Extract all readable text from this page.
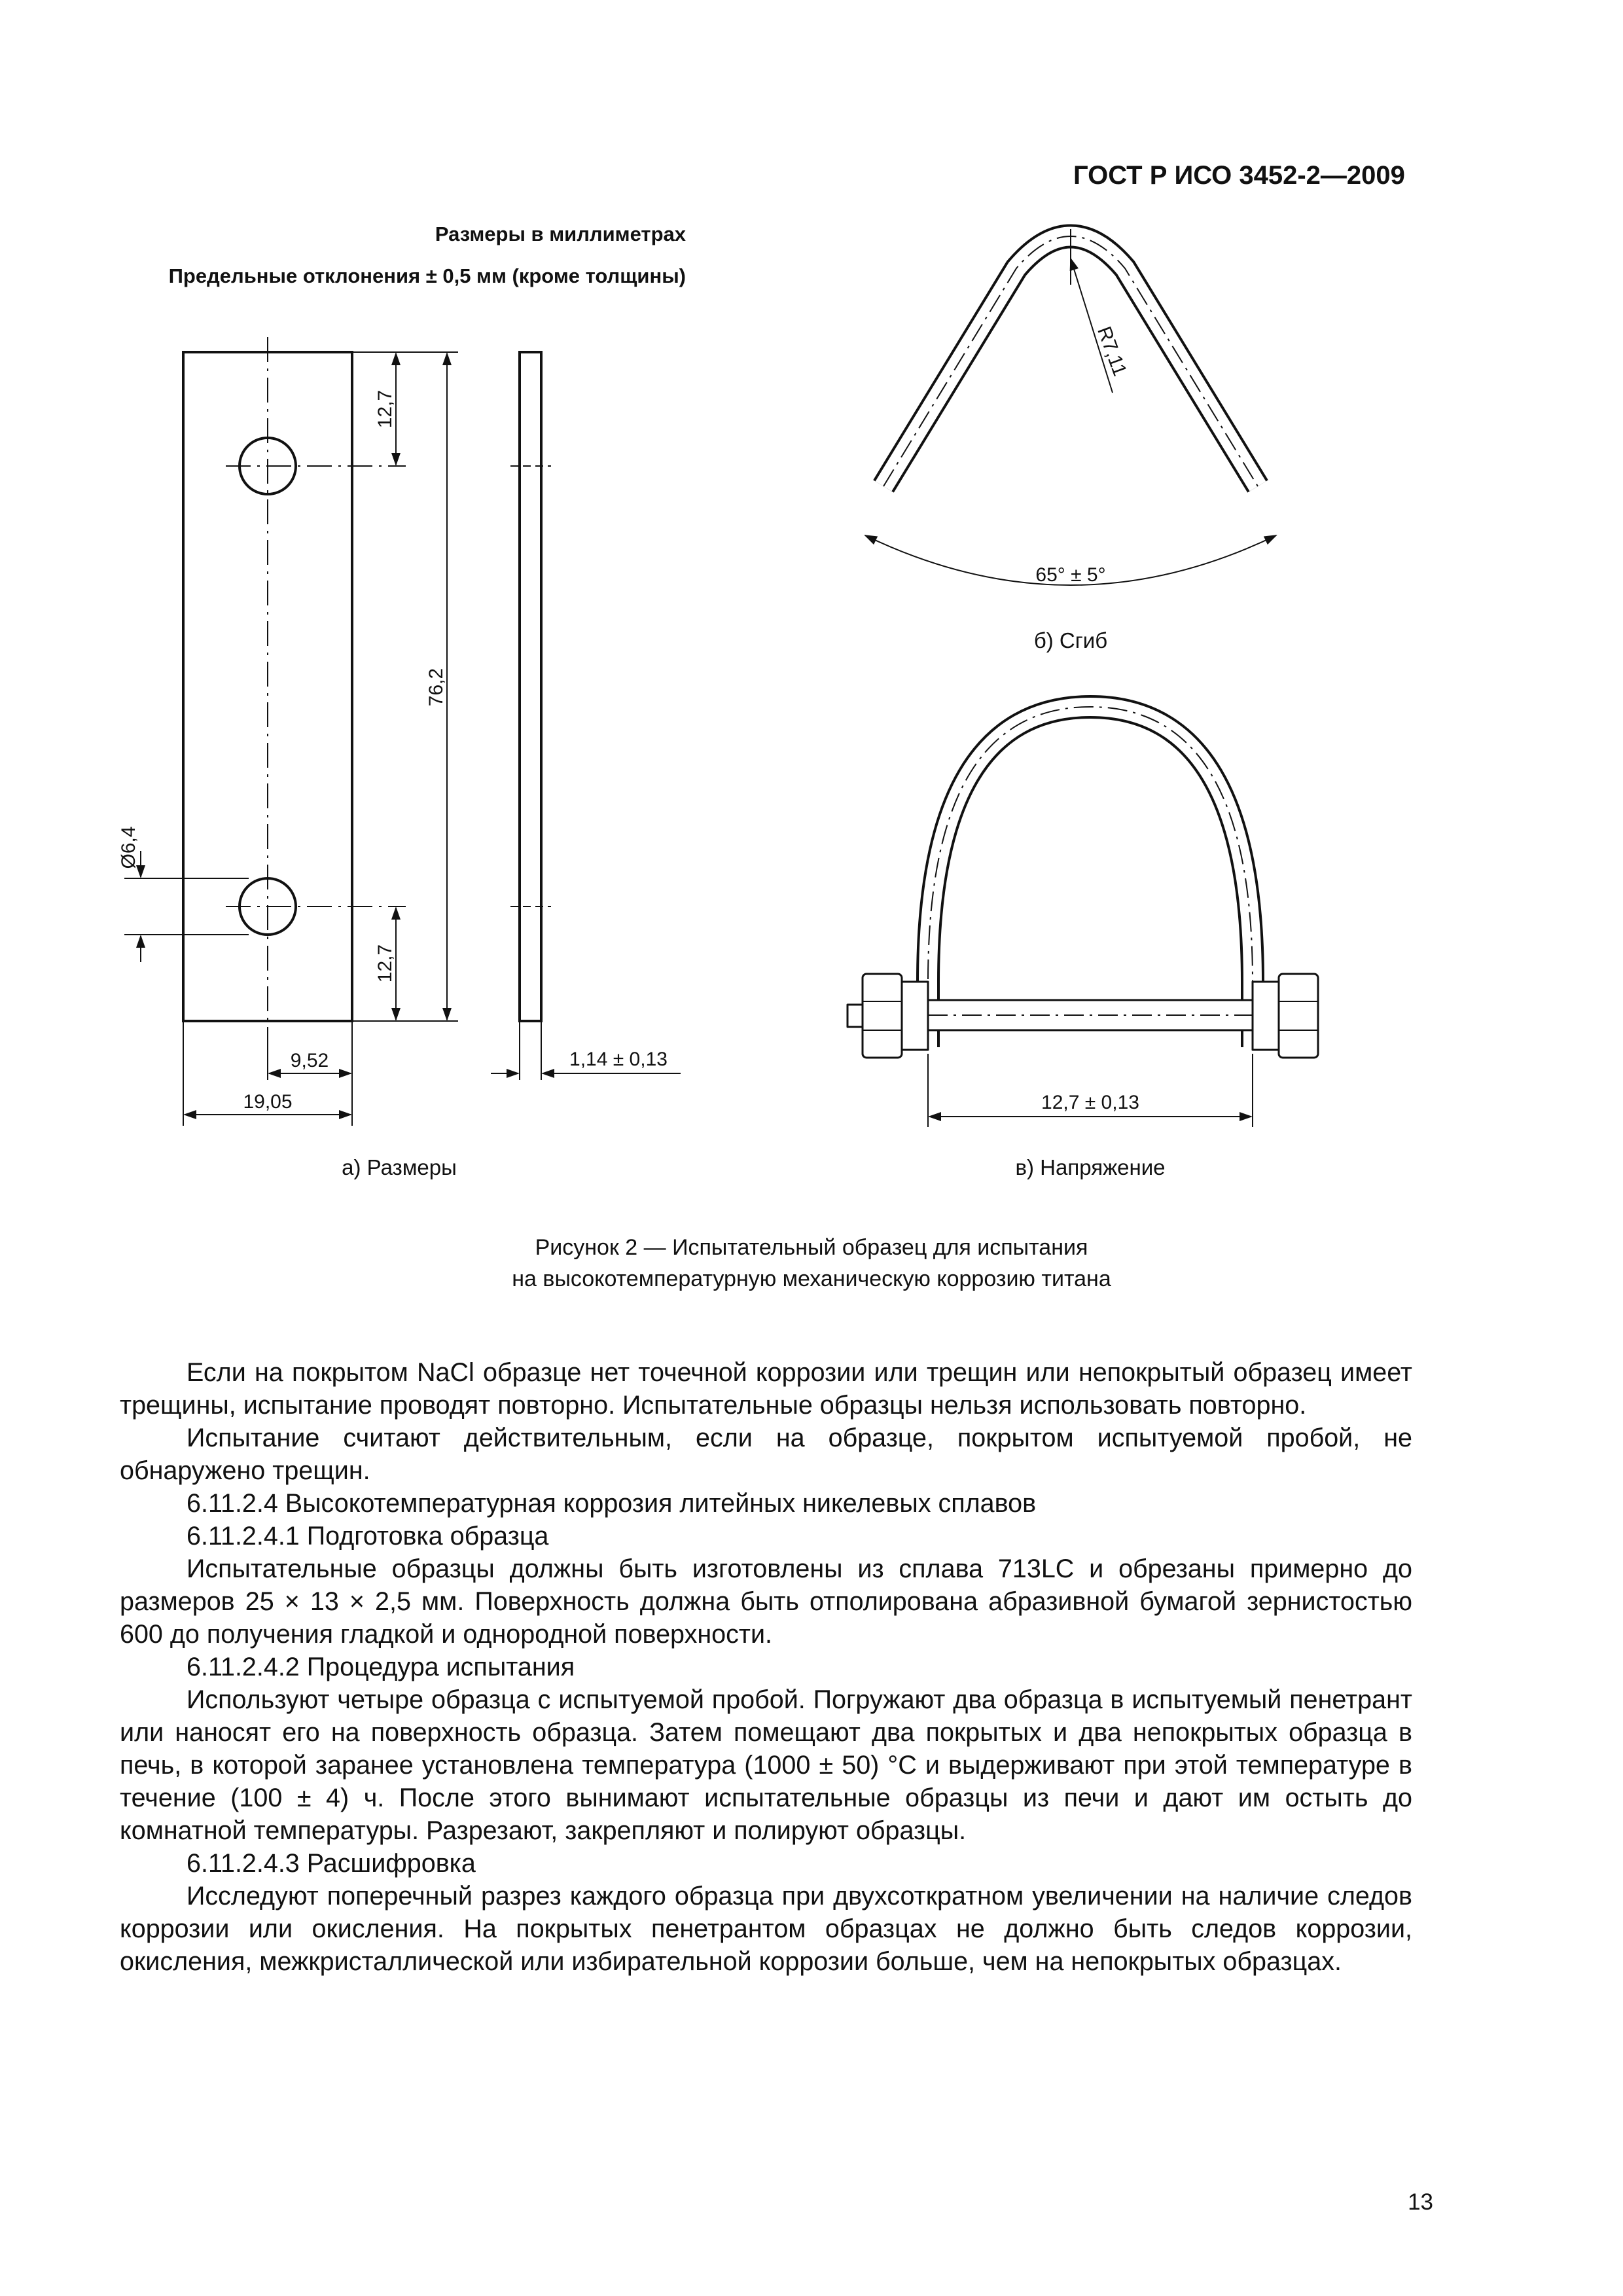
ГОСТ Р ИСО 3452-2—2009
Размеры в миллиметрах
Предельные отклонения ± 0,5 мм (кроме толщины)
12,7
76,2
Ø6,4
12,7
9,52
19,05
1,14 ± 0,13
а) Размеры
R7,11
65° ± 5°
б) Сгиб
12,7 ± 0,13
в) Напряжение
Рисунок 2 — Испытательный образец для испытания
на высокотемпературную механическую коррозию титана

Если на покрытом NaCl образце нет точечной коррозии или трещин или непокрытый образец имеет трещины, испытание проводят повторно. Испытательные образцы нельзя использовать повторно.

Испытание считают действительным, если на образце, покрытом испытуемой пробой, не обнаружено трещин.

6.11.2.4 Высокотемпературная коррозия литейных никелевых сплавов

6.11.2.4.1 Подготовка образца

Испытательные образцы должны быть изготовлены из сплава 713LC и обрезаны примерно до размеров 25 × 13 × 2,5 мм. Поверхность должна быть отполирована абразивной бумагой зернистостью 600 до получения гладкой и однородной поверхности.

6.11.2.4.2 Процедура испытания

Используют четыре образца с испытуемой пробой. Погружают два образца в испытуемый пенетрант или наносят его на поверхность образца. Затем помещают два покрытых и два непокрытых образца в печь, в которой заранее установлена температура (1000 ± 50) °С и выдерживают при этой температуре в течение (100 ± 4) ч. После этого вынимают испытательные образцы из печи и дают им остыть до комнатной температуры. Разрезают, закрепляют и полируют образцы.

6.11.2.4.3 Расшифровка

Исследуют поперечный разрез каждого образца при двухсоткратном увеличении на наличие следов коррозии или окисления. На покрытых пенетрантом образцах не должно быть следов коррозии, окисления, межкристаллической или избирательной коррозии больше, чем на непокрытых образцах.

13
